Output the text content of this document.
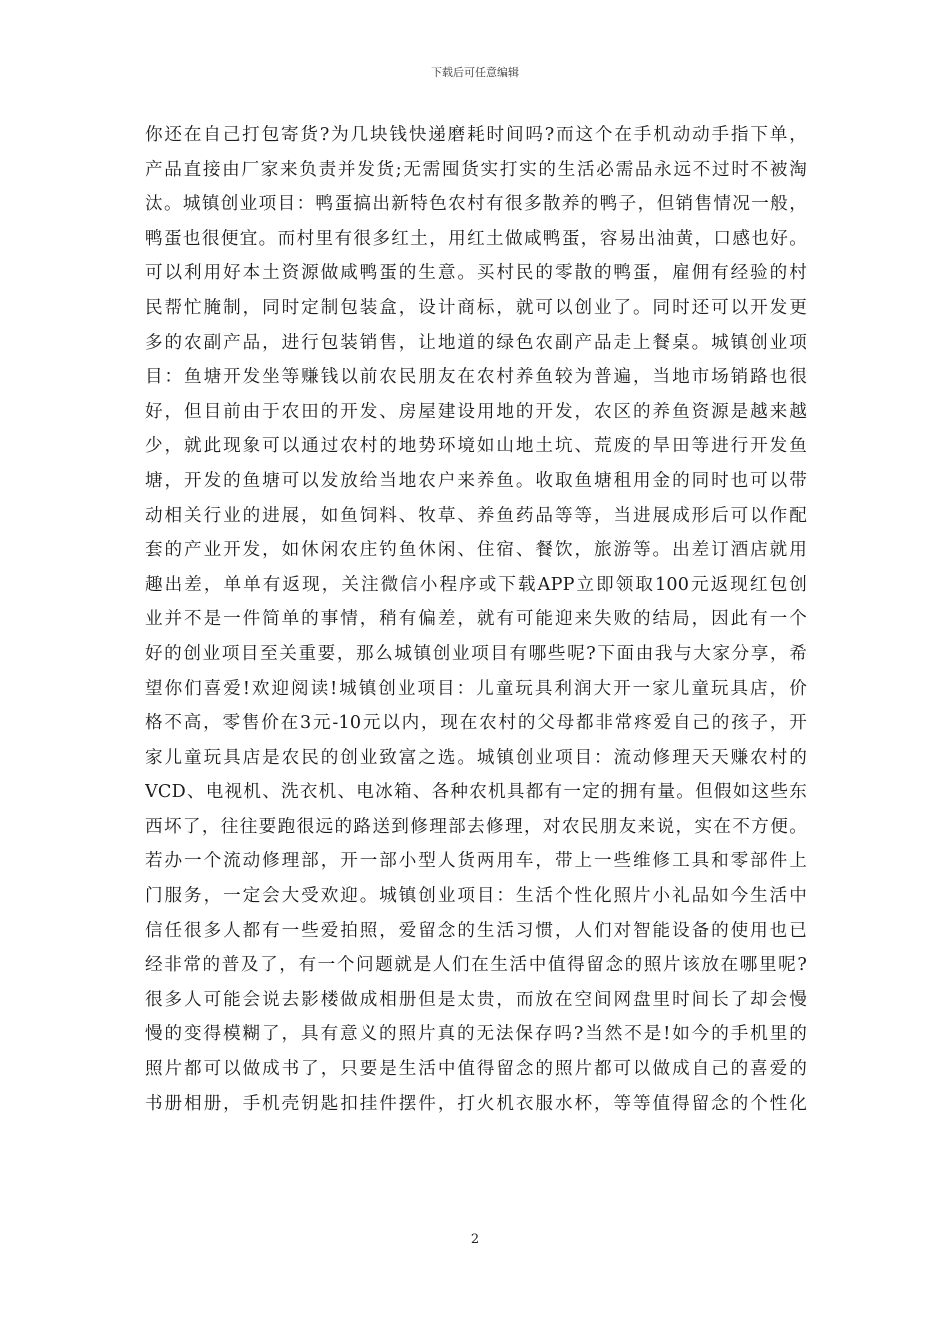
下载后可任意编辑
你还在自己打包寄货?为几块钱快递磨耗时间吗?而这个在手机动动手指下单，
产品直接由厂家来负责并发货;无需囤货实打实的生活必需品永远不过时不被淘
汰。城镇创业项目：鸭蛋搞出新特色农村有很多散养的鸭子，但销售情况一般，
鸭蛋也很便宜。而村里有很多红土，用红土做咸鸭蛋，容易出油黄，口感也好。
可以利用好本土资源做咸鸭蛋的生意。买村民的零散的鸭蛋，雇佣有经验的村
民帮忙腌制，同时定制包装盒，设计商标，就可以创业了。同时还可以开发更
多的农副产品，进行包装销售，让地道的绿色农副产品走上餐桌。城镇创业项
目：鱼塘开发坐等赚钱以前农民朋友在农村养鱼较为普遍，当地市场销路也很
好，但目前由于农田的开发、房屋建设用地的开发，农区的养鱼资源是越来越
少，就此现象可以通过农村的地势环境如山地土坑、荒废的旱田等进行开发鱼
塘，开发的鱼塘可以发放给当地农户来养鱼。收取鱼塘租用金的同时也可以带
动相关行业的进展，如鱼饲料、牧草、养鱼药品等等，当进展成形后可以作配
套的产业开发，如休闲农庄钓鱼休闲、住宿、餐饮，旅游等。出差订酒店就用
趣出差，单单有返现，关注微信小程序或下载APP立即领取100元返现红包创
业并不是一件简单的事情，稍有偏差，就有可能迎来失败的结局，因此有一个
好的创业项目至关重要，那么城镇创业项目有哪些呢?下面由我与大家分享，希
望你们喜爱!欢迎阅读!城镇创业项目：儿童玩具利润大开一家儿童玩具店，价
格不高，零售价在3元-10元以内，现在农村的父母都非常疼爱自己的孩子，开
家儿童玩具店是农民的创业致富之选。城镇创业项目：流动修理天天赚农村的
VCD、电视机、洗衣机、电冰箱、各种农机具都有一定的拥有量。但假如这些东
西坏了，往往要跑很远的路送到修理部去修理，对农民朋友来说，实在不方便。
若办一个流动修理部，开一部小型人货两用车，带上一些维修工具和零部件上
门服务，一定会大受欢迎。城镇创业项目：生活个性化照片小礼品如今生活中
信任很多人都有一些爱拍照，爱留念的生活习惯，人们对智能设备的使用也已
经非常的普及了，有一个问题就是人们在生活中值得留念的照片该放在哪里呢?
很多人可能会说去影楼做成相册但是太贵，而放在空间网盘里时间长了却会慢
慢的变得模糊了，具有意义的照片真的无法保存吗?当然不是!如今的手机里的
照片都可以做成书了，只要是生活中值得留念的照片都可以做成自己的喜爱的
书册相册，手机壳钥匙扣挂件摆件，打火机衣服水杯，等等值得留念的个性化
2
